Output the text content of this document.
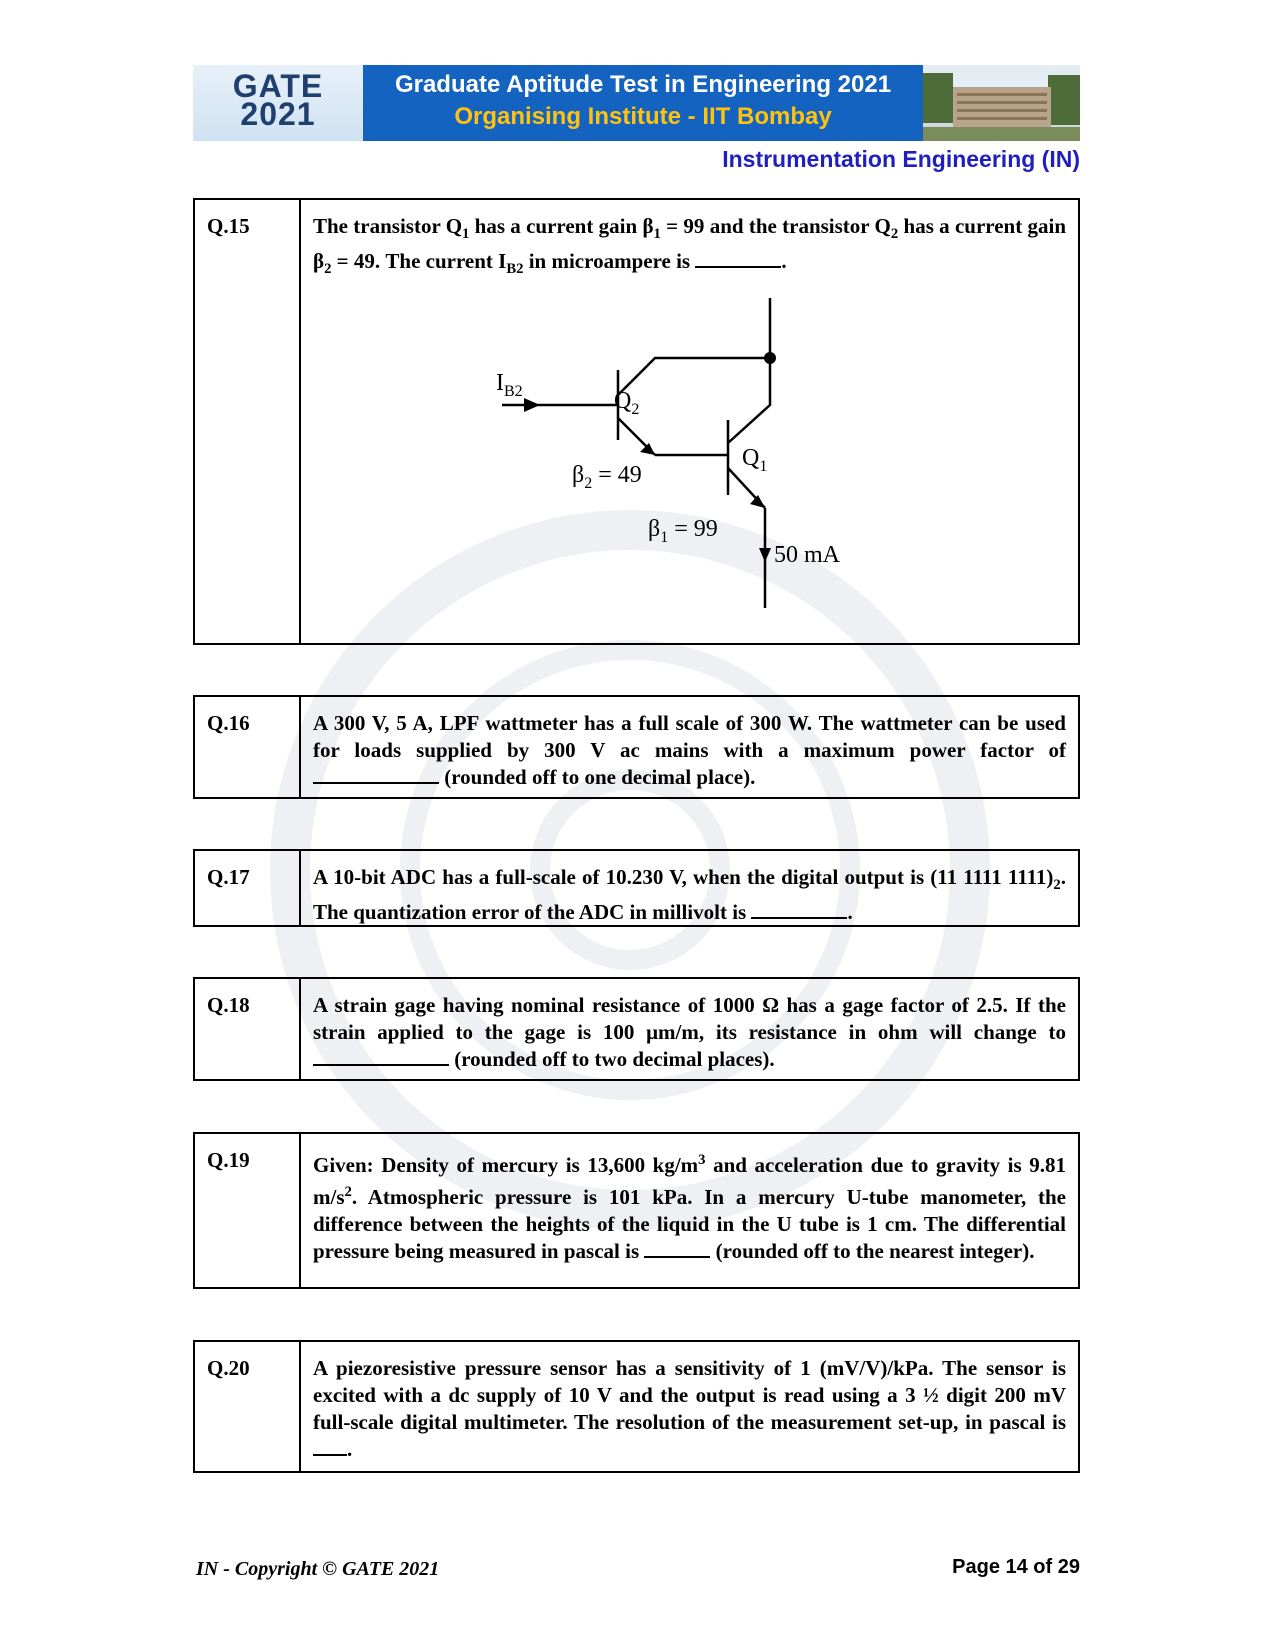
GATE
2021
Graduate Aptitude Test in Engineering 2021
Organising Institute - IIT Bombay
Instrumentation Engineering (IN)
Q.15	The transistor $Q_1$ has a current gain $\beta_1 = 99$ and the transistor $Q_2$ has a current gain $\beta_2 = 49$. The current $I_{B2}$ in microampere is	.
$I_{B2}$	$Q_2$
$Q_1$
$\beta_2 = 49$
$\beta_1 = 99$
50 mA
Q.16	A 300 V, 5 A, LPF wattmeter has a full scale of 300 W. The wattmeter can be used for loads supplied by 300 V ac mains with a maximum power factor of  (rounded off to one decimal place).
Q.17	A 10-bit ADC has a full-scale of 10.230 V, when the digital output is (11 1111 $1111)_2$. The quantization error of the ADC in millivolt is	.
Q.18	A strain gage having nominal resistance of 1000 Ω has a gage factor of 2.5. If the strain applied to the gage is 100 μm/m, its resistance in ohm will change to  (rounded off to two decimal places).
Q.19	Given: Density of mercury is 13,600 $kg/m^3$ and acceleration due to gravity is 9.81 $m/s^2$. Atmospheric pressure is 101 kPa. In a mercury U-tube manometer, the difference between the heights of the liquid in the U tube is 1 cm. The differential pressure being measured in pascal is	(rounded off to the nearest integer).
Q.20	A piezoresistive pressure sensor has a sensitivity of 1 (mV/V)/kPa. The sensor is excited with a dc supply of 10 V and the output is read using a 3 ½ digit 200 mV full-scale digital multimeter. The resolution of the measurement set-up, in pascal is .
IN - Copyright © GATE 2021	Page 14 of 29
